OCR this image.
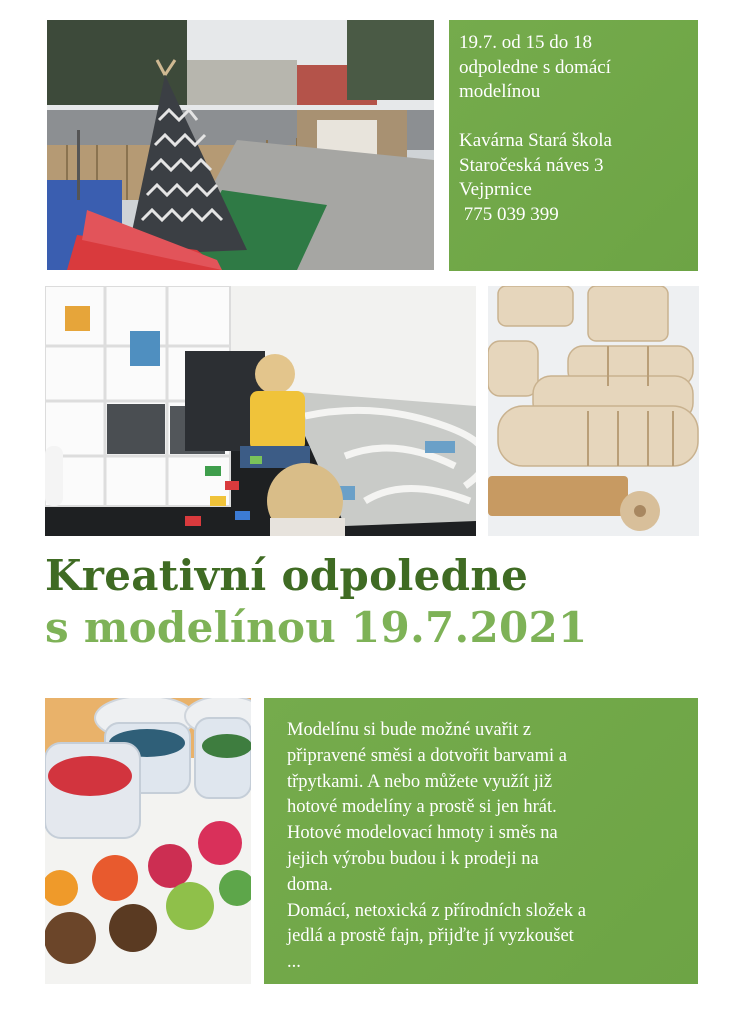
19.7. od 15 do 18
odpoledne s domácí
modelínou
Kavárna Stará škola
Staročeská náves 3
Vejprnice
775 039 399
Kreativní odpoledne
s modelínou 19.7.2021
Modelínu si bude možné uvařit z
připravené směsi a dotvořit barvami a
třpytkami. A nebo můžete využít již
hotové modelíny a prostě si jen hrát.
Hotové modelovací hmoty i směs na
jejich výrobu budou i k prodeji na
doma.
Domácí, netoxická z přírodních složek a
jedlá a prostě fajn, přijďte jí vyzkoušet
...
